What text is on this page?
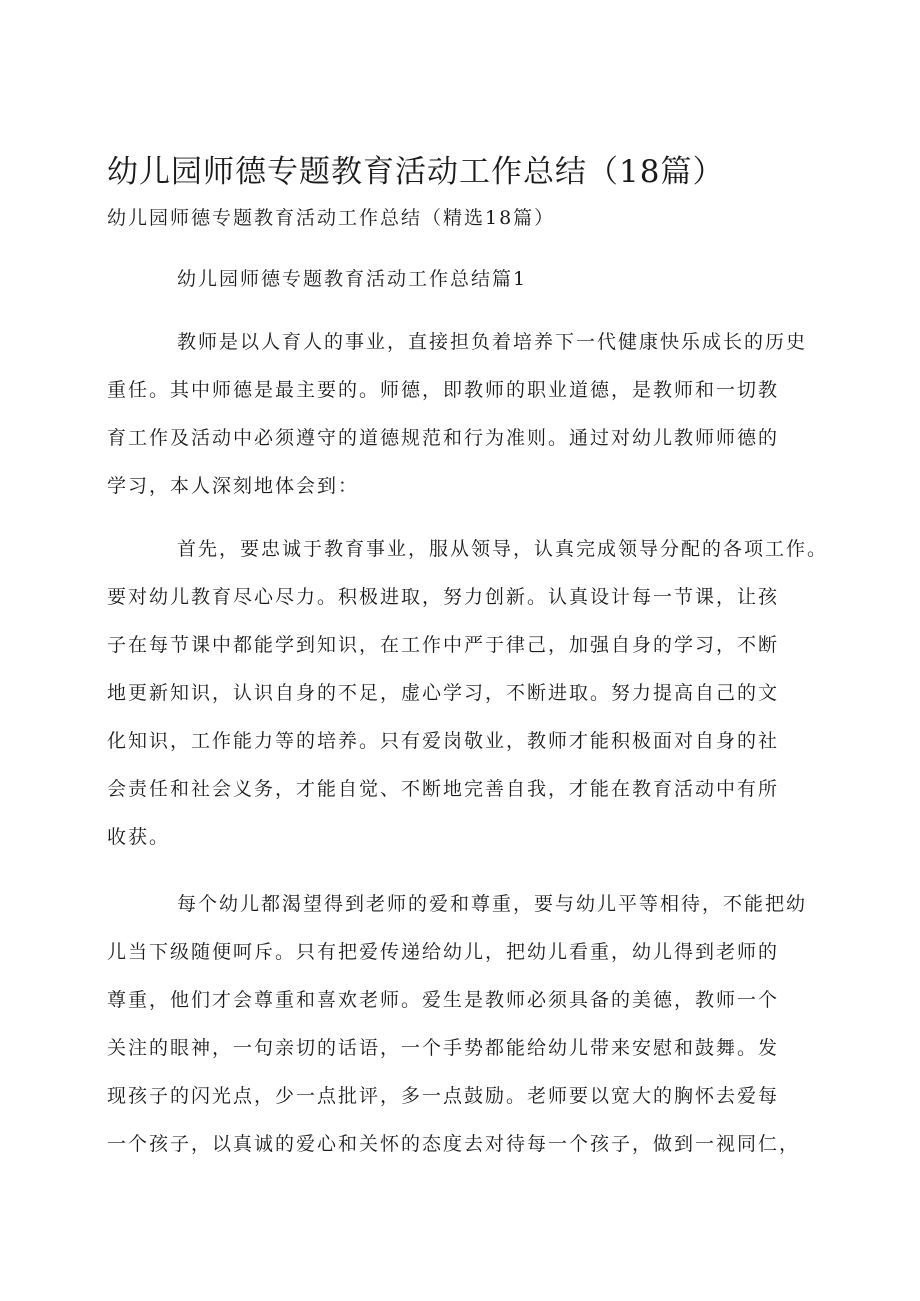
幼儿园师德专题教育活动工作总结（18篇）
幼儿园师德专题教育活动工作总结（精选18篇）
幼儿园师德专题教育活动工作总结篇1
教师是以人育人的事业，直接担负着培养下一代健康快乐成长的历史
重任。其中师德是最主要的。师德，即教师的职业道德，是教师和一切教
育工作及活动中必须遵守的道德规范和行为准则。通过对幼儿教师师德的
学习，本人深刻地体会到：
首先，要忠诚于教育事业，服从领导，认真完成领导分配的各项工作。
要对幼儿教育尽心尽力。积极进取，努力创新。认真设计每一节课，让孩
子在每节课中都能学到知识，在工作中严于律己，加强自身的学习，不断
地更新知识，认识自身的不足，虚心学习，不断进取。努力提高自己的文
化知识，工作能力等的培养。只有爱岗敬业，教师才能积极面对自身的社
会责任和社会义务，才能自觉、不断地完善自我，才能在教育活动中有所
收获。
每个幼儿都渴望得到老师的爱和尊重，要与幼儿平等相待，不能把幼
儿当下级随便呵斥。只有把爱传递给幼儿，把幼儿看重，幼儿得到老师的
尊重，他们才会尊重和喜欢老师。爱生是教师必须具备的美德，教师一个
关注的眼神，一句亲切的话语，一个手势都能给幼儿带来安慰和鼓舞。发
现孩子的闪光点，少一点批评，多一点鼓励。老师要以宽大的胸怀去爱每
一个孩子，以真诚的爱心和关怀的态度去对待每一个孩子，做到一视同仁，
